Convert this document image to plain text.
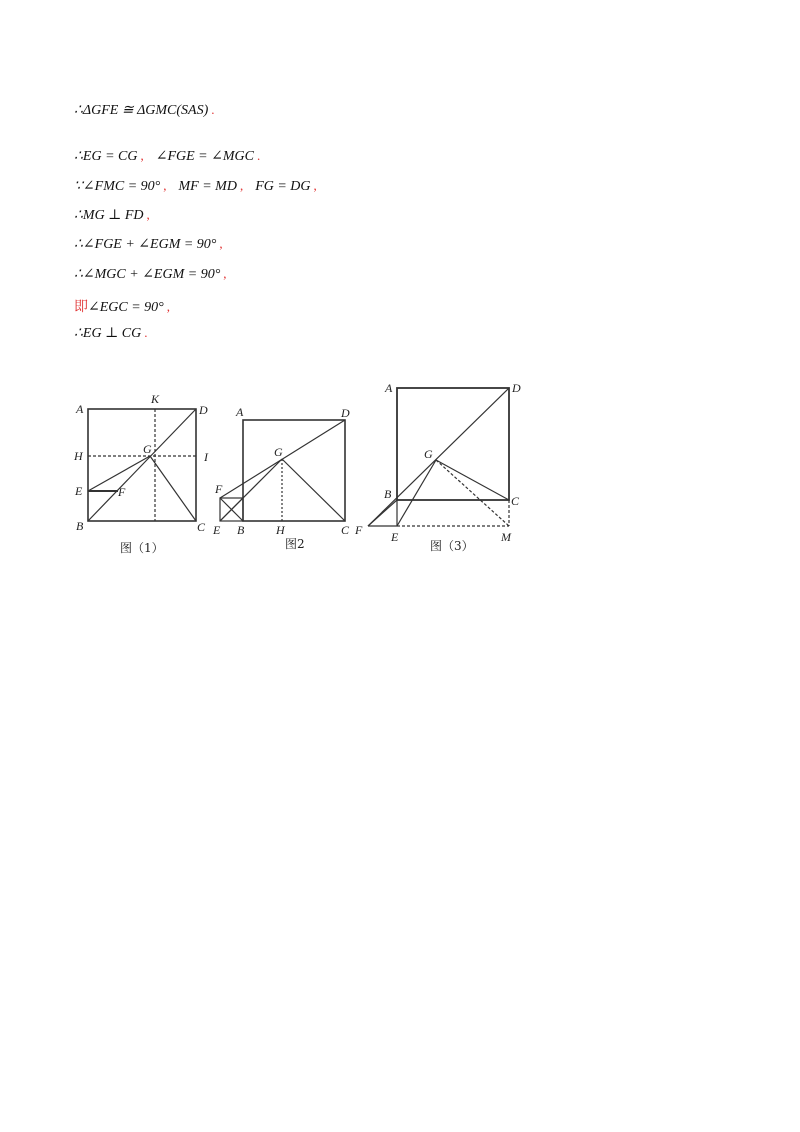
∴ΔGFE ≅ ΔGMC(SAS) .
∴EG = CG , ∠FGE = ∠MGC .
∵∠FMC = 90° , MF = MD , FG = DG ,
∴MG ⊥ FD ,
∴∠FGE + ∠EGM = 90° ,
∴∠MGC + ∠EGM = 90° ,
即∠EGC = 90° ,
∴EG ⊥ CG .
A
K
D
H	I
G
E	F
B	C
图（1）
A	D
G
F
E B	H	C
图2
A	D
G
B	C
F E	M
图（3）
